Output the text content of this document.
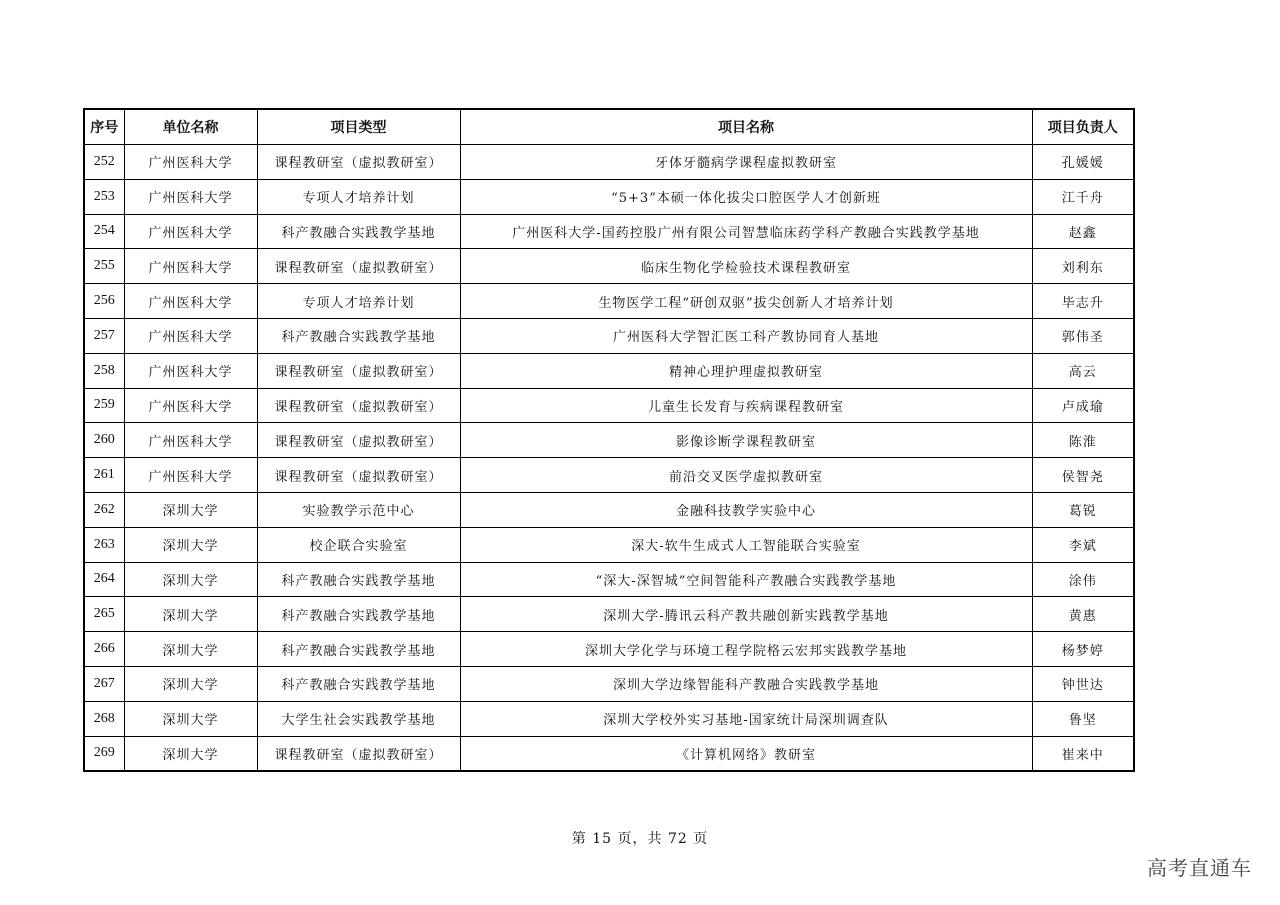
序号	单位名称	项目类型	项目名称	项目负责人
252	广州医科大学	课程教研室（虚拟教研室）	牙体牙髓病学课程虚拟教研室	孔媛媛
253	广州医科大学	专项人才培养计划	“5+3”本硕一体化拔尖口腔医学人才创新班	江千舟
254	广州医科大学	科产教融合实践教学基地	广州医科大学-国药控股广州有限公司智慧临床药学科产教融合实践教学基地	赵鑫
255	广州医科大学	课程教研室（虚拟教研室）	临床生物化学检验技术课程教研室	刘利东
256	广州医科大学	专项人才培养计划	生物医学工程“研创双驱”拔尖创新人才培养计划	毕志升
257	广州医科大学	科产教融合实践教学基地	广州医科大学智汇医工科产教协同育人基地	郭伟圣
258	广州医科大学	课程教研室（虚拟教研室）	精神心理护理虚拟教研室	高云
259	广州医科大学	课程教研室（虚拟教研室）	儿童生长发育与疾病课程教研室	卢成瑜
260	广州医科大学	课程教研室（虚拟教研室）	影像诊断学课程教研室	陈淮
261	广州医科大学	课程教研室（虚拟教研室）	前沿交叉医学虚拟教研室	侯智尧
262	深圳大学	实验教学示范中心	金融科技教学实验中心	葛锐
263	深圳大学	校企联合实验室	深大-软牛生成式人工智能联合实验室	李斌
264	深圳大学	科产教融合实践教学基地	“深大-深智城”空间智能科产教融合实践教学基地	涂伟
265	深圳大学	科产教融合实践教学基地	深圳大学-腾讯云科产教共融创新实践教学基地	黄惠
266	深圳大学	科产教融合实践教学基地	深圳大学化学与环境工程学院格云宏邦实践教学基地	杨梦婷
267	深圳大学	科产教融合实践教学基地	深圳大学边缘智能科产教融合实践教学基地	钟世达
268	深圳大学	大学生社会实践教学基地	深圳大学校外实习基地-国家统计局深圳调查队	鲁坚
269	深圳大学	课程教研室（虚拟教研室）	《计算机网络》教研室	崔来中
第 15 页，共 72 页
高考直通车
